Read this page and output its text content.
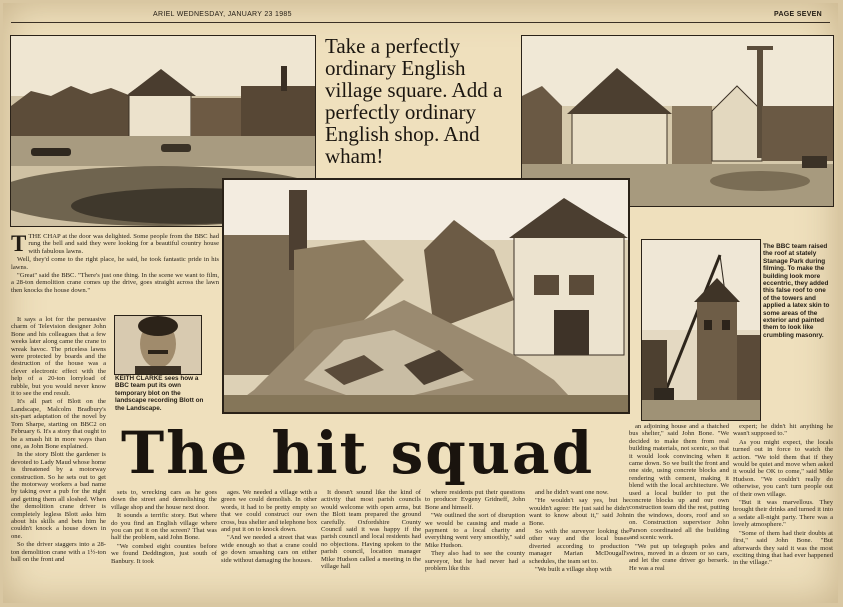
ARIEL WEDNESDAY, JANUARY 23 1985	PAGE SEVEN
Take a perfectly ordinary English village square. Add a perfectly ordinary English shop. And wham!
The BBC team raised the roof at stately Stanage Park during filming. To make the building look more eccentric, they added this false roof to one of the towers and applied a latex skin to some areas of the exterior and painted them to look like crumbling masonry.

TTHE CHAP at the door was delighted. Some people from the BBC had rung the bell and said they were looking for a beautiful country house with fabulous lawns.

Well, they'd come to the right place, he said, he took fantastic pride in his lawns.

"Great" said the BBC. "There's just one thing. In the scene we want to film, a 28-ton demolition crane comes up the drive, goes straight across the lawn then knocks the house down."

It says a lot for the persuasive charm of Television designer John Bone and his colleagues that a few weeks later along came the crane to wreak havoc. The priceless lawns were protected by boards and the destruction of the house was a clever electronic effect with the help of a 20-ton lorryload of rubble, but you would never know it to see the end result.

It's all part of Blott on the Landscape, Malcolm Bradbury's six-part adaptation of the novel by Tom Sharpe, starting on BBC2 on February 6. It's a story that ought to be a smash hit in more ways than one, as John Bone explained.

In the story Blott the gardener is devoted to Lady Maud whose home is threatened by a motorway construction. So he sets out to get the motorway workers a bad name by taking over a pub for the night and getting them all sloshed. When the demolition crane driver is completely legless Blott asks him about his skills and bets him he couldn't knock a house down in one.

So the driver staggers into a 28-ton demolition crane with a 1½-ton ball on the front and

KEITH CLARKE sees how a BBC team put its own temporary blot on the landscape recording Blott on the Landscape.
The hit squad

sets to, wrecking cars as he goes down the street and demolishing the village shop and the house next door.

It sounds a terrific story. But where do you find an English village where you can put it on the screen? That was half the problem, said John Bone.

"We combed eight counties before we found Deddington, just south of Banbury. It took

ages. We needed a village with a green we could demolish. In other words, it had to be pretty empty so that we could construct our own cross, bus shelter and telephone box and put it on to knock down.

"And we needed a street that was wide enough so that a crane could go down smashing cars on either side without damaging the houses.

It doesn't sound like the kind of activity that most parish councils would welcome with open arms, but the Blott team prepared the ground carefully. Oxfordshire County Council said it was happy if the parish council and local residents had no objections. Having spoken to the parish council, location manager Mike Hudson called a meeting in the village hall

where residents put their questions to producer Evgeny Gridneff, John Bone and himself.

"We outlined the sort of disruption we would be causing and made a payment to a local charity and everything went very smoothly," said Mike Hudson.

They also had to see the county surveyor, but he had never had a problem like this

and he didn't want one now.

"He wouldn't say yes, but he wouldn't agree: He just said he didn't want to know about it," said John Bone.

So with the surveyor looking the other way and the local buses diverted according to production manager Marian McDougall's schedules, the team set to.

"We built a village shop with

an adjoining house and a thatched bus shelter," said John Bone. "We decided to make them from real building materials, not scenic, so that it would look convincing when it came down. So we built the front and one side, using concrete blocks and rendering with cement, making it blend with the local architecture. We used a local builder to put the concrete blocks up and our own construction team did the rest, putting in the windows, doors, roof and so on. Construction supervisor John Parson coordinated all the building and scenic work.

"We put up telegraph poles and wires, moved in a dozen or so cars, and let the crane driver go berserk. He was a real

expert; he didn't hit anything he wasn't supposed to."

As you might expect, the locals turned out in force to watch the action. "We told them that if they would be quiet and move when asked it would be OK to come," said Mike Hudson. "We couldn't really do otherwise, you can't turn people out of their own village.

"But it was marvellous. They brought their drinks and turned it into a sedate all-night party. There was a lovely atmosphere."

"Some of them had their doubts at first," said John Bone. "But afterwards they said it was the most exciting thing that had ever happened in the village."
